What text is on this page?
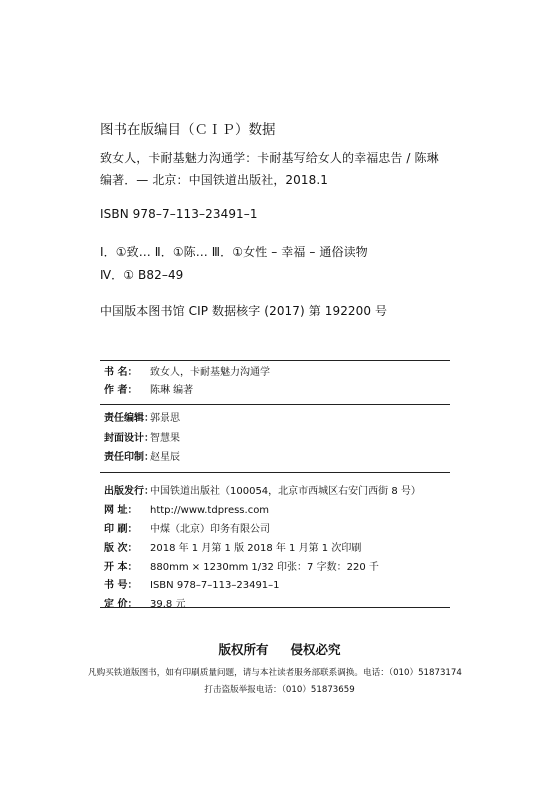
图书在版编目（ＣＩＰ）数据
致女人，卡耐基魅力沟通学：卡耐基写给女人的幸福忠告 / 陈琳
编著．— 北京：中国铁道出版社，2018.1
ISBN 978–7–113–23491–1
Ⅰ．①致… Ⅱ．①陈… Ⅲ．①女性 – 幸福 – 通俗读物
Ⅳ．① B82–49
中国版本图书馆 CIP 数据核字 (2017) 第 192200 号
书 名： 致女人，卡耐基魅力沟通学
作 者： 陈琳 编著
责任编辑：郭景思
封面设计：智慧果
责任印制：赵星辰
出版发行：中国铁道出版社（100054，北京市西城区右安门西街 8 号）
网 址： http://www.tdpress.com
印 刷： 中煤（北京）印务有限公司
版 次： 2018 年 1 月第 1 版 2018 年 1 月第 1 次印刷
开 本： 880mm × 1230mm 1/32 印张：7 字数：220 千
书 号： ISBN 978–7–113–23491–1
定 价： 39.8 元
版权所有 侵权必究
凡购买铁道版图书，如有印刷质量问题，请与本社读者服务部联系调换。电话：（010）51873174
打击盗版举报电话：（010）51873659
